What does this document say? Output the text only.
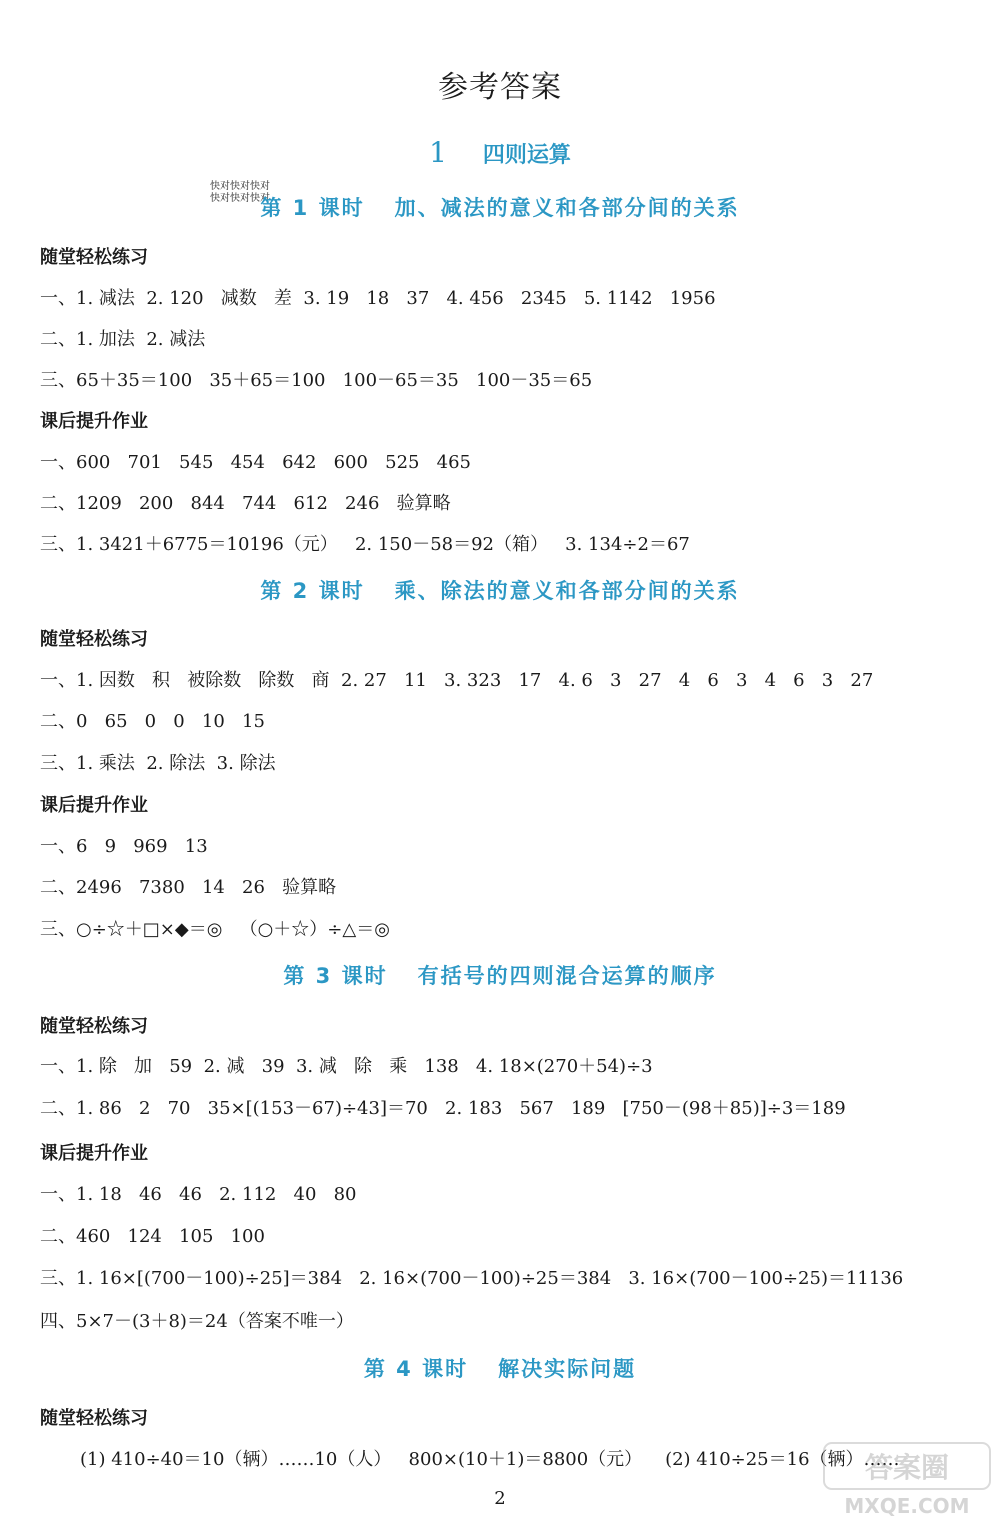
参考答案
1 四则运算
快对快对快对
快对快对快对
第 1 课时 加、减法的意义和各部分间的关系
随堂轻松练习
一、1. 减法  2. 120   减数   差  3. 19   18   37   4. 456   2345   5. 1142   1956
二、1. 加法  2. 减法
三、65＋35＝100   35＋65＝100   100－65＝35   100－35＝65
课后提升作业
一、600   701   545   454   642   600   525   465
二、1209   200   844   744   612   246   验算略
三、1. 3421＋6775＝10196（元）   2. 150－58＝92（箱）   3. 134÷2＝67
第 2 课时 乘、除法的意义和各部分间的关系
随堂轻松练习
一、1. 因数   积   被除数   除数   商  2. 27   11   3. 323   17   4. 6   3   27   4   6   3   4   6   3   27
二、0   65   0   0   10   15
三、1. 乘法  2. 除法  3. 除法
课后提升作业
一、6   9   969   13
二、2496   7380   14   26   验算略
三、○÷☆＋□×◆＝◎   （○＋☆）÷△＝◎
第 3 课时 有括号的四则混合运算的顺序
随堂轻松练习
一、1. 除   加   59  2. 减   39  3. 减   除   乘   138   4. 18×(270＋54)÷3
二、1. 86   2   70   35×[(153－67)÷43]＝70   2. 183   567   189   [750－(98＋85)]÷3＝189
课后提升作业
一、1. 18   46   46   2. 112   40   80
二、460   124   105   100
三、1. 16×[(700－100)÷25]＝384   2. 16×(700－100)÷25＝384   3. 16×(700－100÷25)＝11136
四、5×7－(3＋8)＝24（答案不唯一）
第 4 课时 解决实际问题
随堂轻松练习
(1) 410÷40＝10（辆）……10（人）   800×(10＋1)＝8800（元）    (2) 410÷25＝16（辆）……
2
答案圈
MXQE.COM
